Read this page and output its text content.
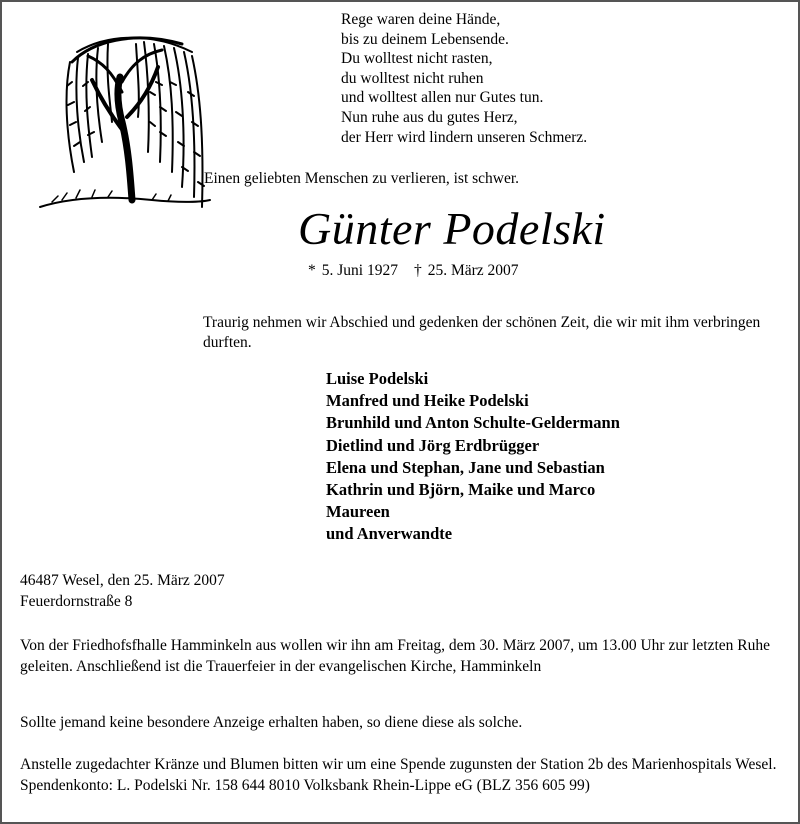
Rege waren deine Hände,
bis zu deinem Lebensende.
Du wolltest nicht rasten,
du wolltest nicht ruhen
und wolltest allen nur Gutes tun.
Nun ruhe aus du gutes Herz,
der Herr wird lindern unseren Schmerz.
Einen geliebten Menschen zu verlieren, ist schwer.
Günter Podelski
* 5. Juni 1927 † 25. März 2007
Traurig nehmen wir Abschied und gedenken der schönen Zeit, die wir mit ihm verbringen durften.
Luise Podelski
Manfred und Heike Podelski
Brunhild und Anton Schulte-Geldermann
Dietlind und Jörg Erdbrügger
Elena und Stephan, Jane und Sebastian
Kathrin und Björn, Maike und Marco
Maureen
und Anverwandte
46487 Wesel, den 25. März 2007
Feuerdornstraße 8
Von der Friedhofsfhalle Hamminkeln aus wollen wir ihn am Freitag, dem 30. März 2007, um 13.00 Uhr zur letzten Ruhe geleiten. Anschließend ist die Trauerfeier in der evangelischen Kirche, Hamminkeln
Sollte jemand keine besondere Anzeige erhalten haben, so diene diese als solche.
Anstelle zugedachter Kränze und Blumen bitten wir um eine Spende zugunsten der Station 2b des Marienhospitals Wesel. Spendenkonto: L. Podelski Nr. 158 644 8010 Volksbank Rhein-Lippe eG (BLZ 356 605 99)
